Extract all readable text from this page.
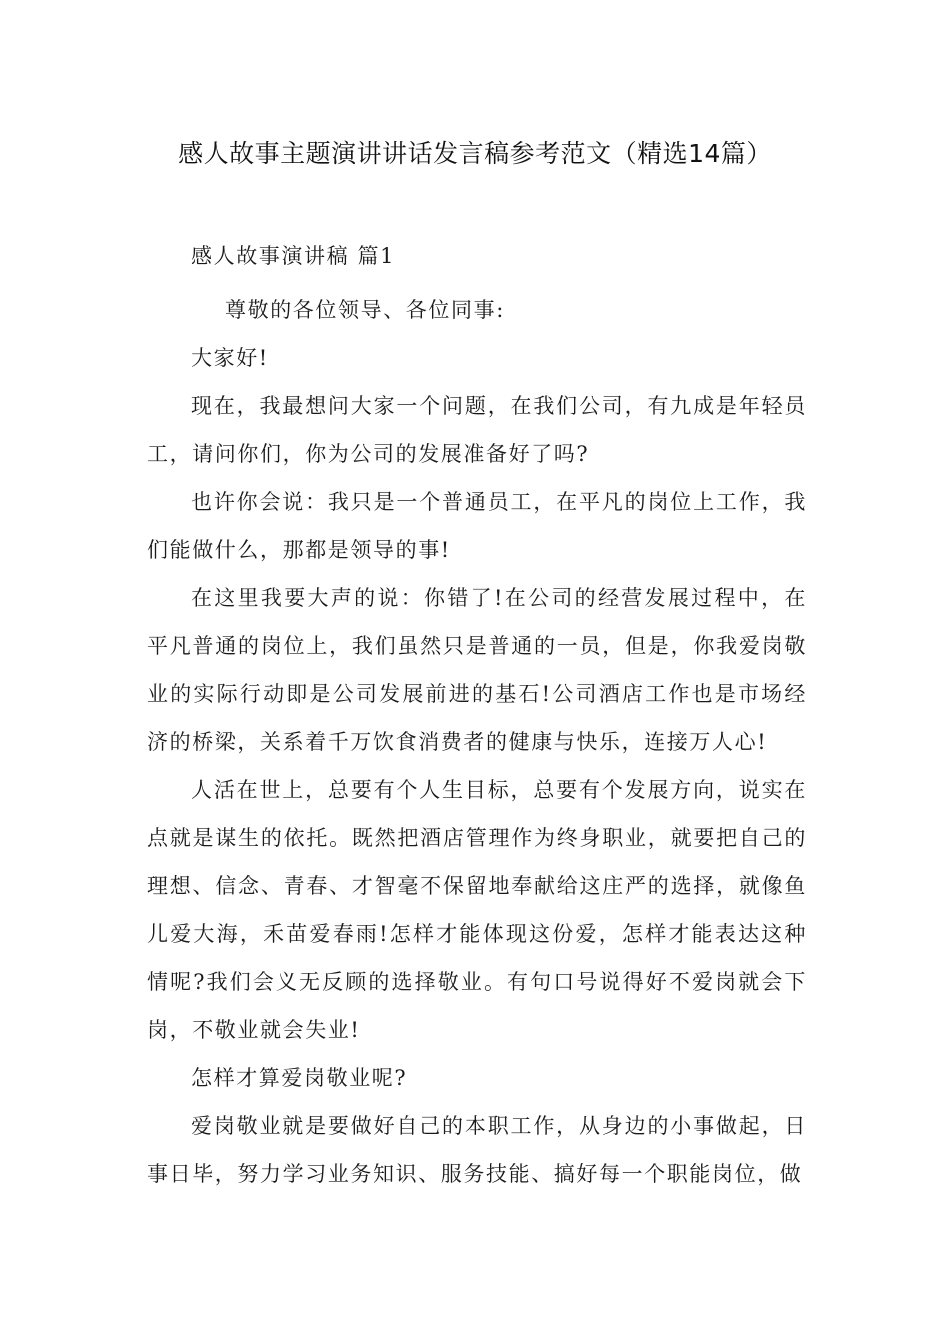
感人故事主题演讲讲话发言稿参考范文（精选14篇）

感人故事演讲稿 篇1

尊敬的各位领导、各位同事:

大家好!

现在，我最想问大家一个问题，在我们公司，有九成是年轻员工，请问你们，你为公司的发展准备好了吗?

也许你会说：我只是一个普通员工，在平凡的岗位上工作，我们能做什么，那都是领导的事!

在这里我要大声的说：你错了!在公司的经营发展过程中，在平凡普通的岗位上，我们虽然只是普通的一员，但是，你我爱岗敬业的实际行动即是公司发展前进的基石!公司酒店工作也是市场经济的桥梁，关系着千万饮食消费者的健康与快乐，连接万人心!

人活在世上，总要有个人生目标，总要有个发展方向，说实在点就是谋生的依托。既然把酒店管理作为终身职业，就要把自己的理想、信念、青春、才智毫不保留地奉献给这庄严的选择，就像鱼儿爱大海，禾苗爱春雨!怎样才能体现这份爱，怎样才能表达这种情呢?我们会义无反顾的选择敬业。有句口号说得好不爱岗就会下岗，不敬业就会失业!

怎样才算爱岗敬业呢?

爱岗敬业就是要做好自己的本职工作，从身边的小事做起，日事日毕，努力学习业务知识、服务技能、搞好每一个职能岗位，做
